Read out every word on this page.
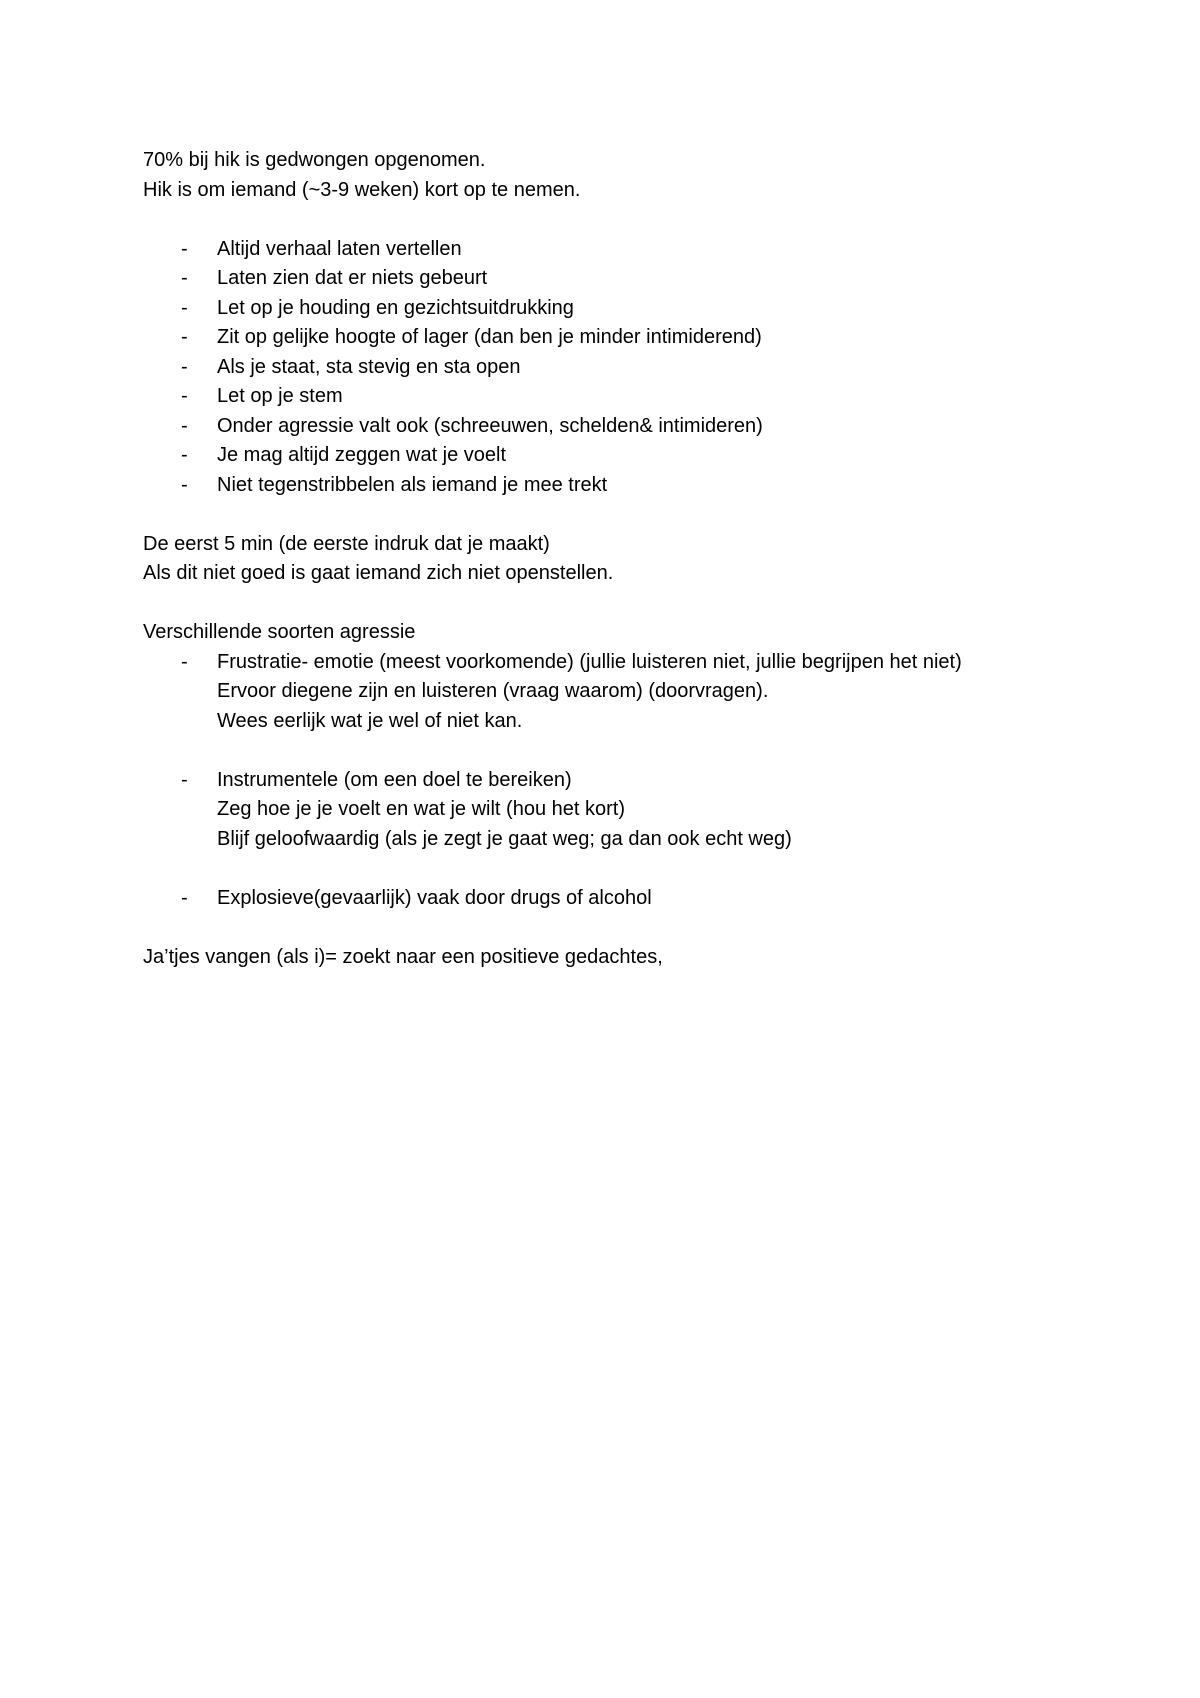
70% bij hik is gedwongen opgenomen.

Hik is om iemand (~3-9 weken) kort op te nemen.

- Altijd verhaal laten vertellen
- Laten zien dat er niets gebeurt
- Let op je houding en gezichtsuitdrukking
- Zit op gelijke hoogte of lager (dan ben je minder intimiderend)
- Als je staat, sta stevig en sta open
- Let op je stem
- Onder agressie valt ook (schreeuwen, schelden& intimideren)
- Je mag altijd zeggen wat je voelt
- Niet tegenstribbelen als iemand je mee trekt

De eerst 5 min (de eerste indruk dat je maakt)

Als dit niet goed is gaat iemand zich niet openstellen.

Verschillende soorten agressie

- Frustratie- emotie (meest voorkomende) (jullie luisteren niet, jullie begrijpen het niet)
Ervoor diegene zijn en luisteren (vraag waarom) (doorvragen).
Wees eerlijk wat je wel of niet kan.
- Instrumentele (om een doel te bereiken)
Zeg hoe je je voelt en wat je wilt (hou het kort)
Blijf geloofwaardig (als je zegt je gaat weg; ga dan ook echt weg)
- Explosieve(gevaarlijk) vaak door drugs of alcohol

Ja’tjes vangen (als i)= zoekt naar een positieve gedachtes,
